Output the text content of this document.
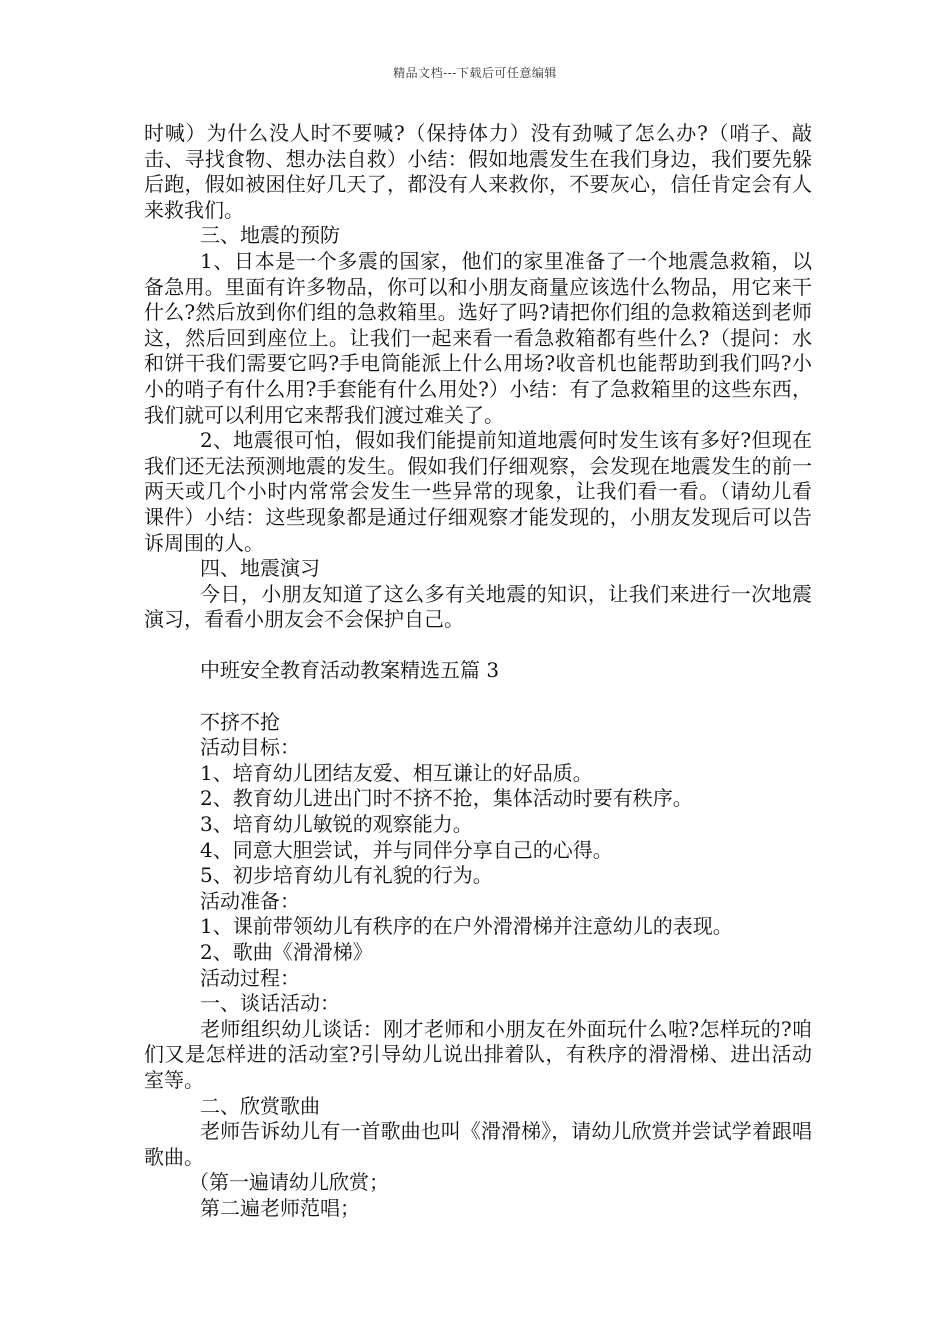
精品文档---下载后可任意编辑
时喊）为什么没人时不要喊?（保持体力）没有劲喊了怎么办?（哨子、敲击、寻找食物、想办法自救）小结：假如地震发生在我们身边，我们要先躲后跑，假如被困住好几天了，都没有人来救你，不要灰心，信任肯定会有人来救我们。
三、地震的预防
1、日本是一个多震的国家，他们的家里准备了一个地震急救箱，以备急用。里面有许多物品，你可以和小朋友商量应该选什么物品，用它来干什么?然后放到你们组的急救箱里。选好了吗?请把你们组的急救箱送到老师这，然后回到座位上。让我们一起来看一看急救箱都有些什么?（提问：水和饼干我们需要它吗?手电筒能派上什么用场?收音机也能帮助到我们吗?小小的哨子有什么用?手套能有什么用处?）小结：有了急救箱里的这些东西，我们就可以利用它来帮我们渡过难关了。
2、地震很可怕，假如我们能提前知道地震何时发生该有多好?但现在我们还无法预测地震的发生。假如我们仔细观察，会发现在地震发生的前一两天或几个小时内常常会发生一些异常的现象，让我们看一看。（请幼儿看课件）小结：这些现象都是通过仔细观察才能发现的，小朋友发现后可以告诉周围的人。
四、地震演习
今日，小朋友知道了这么多有关地震的知识，让我们来进行一次地震演习，看看小朋友会不会保护自己。
中班安全教育活动教案精选五篇 3
不挤不抢
活动目标：
1、培育幼儿团结友爱、相互谦让的好品质。
2、教育幼儿进出门时不挤不抢，集体活动时要有秩序。
3、培育幼儿敏锐的观察能力。
4、同意大胆尝试，并与同伴分享自己的心得。
5、初步培育幼儿有礼貌的行为。
活动准备：
1、课前带领幼儿有秩序的在户外滑滑梯并注意幼儿的表现。
2、歌曲《滑滑梯》
活动过程：
一、谈话活动：
老师组织幼儿谈话：刚才老师和小朋友在外面玩什么啦?怎样玩的?咱们又是怎样进的活动室?引导幼儿说出排着队，有秩序的滑滑梯、进出活动室等。
二、欣赏歌曲
老师告诉幼儿有一首歌曲也叫《滑滑梯》，请幼儿欣赏并尝试学着跟唱歌曲。
（第一遍请幼儿欣赏；
第二遍老师范唱；
